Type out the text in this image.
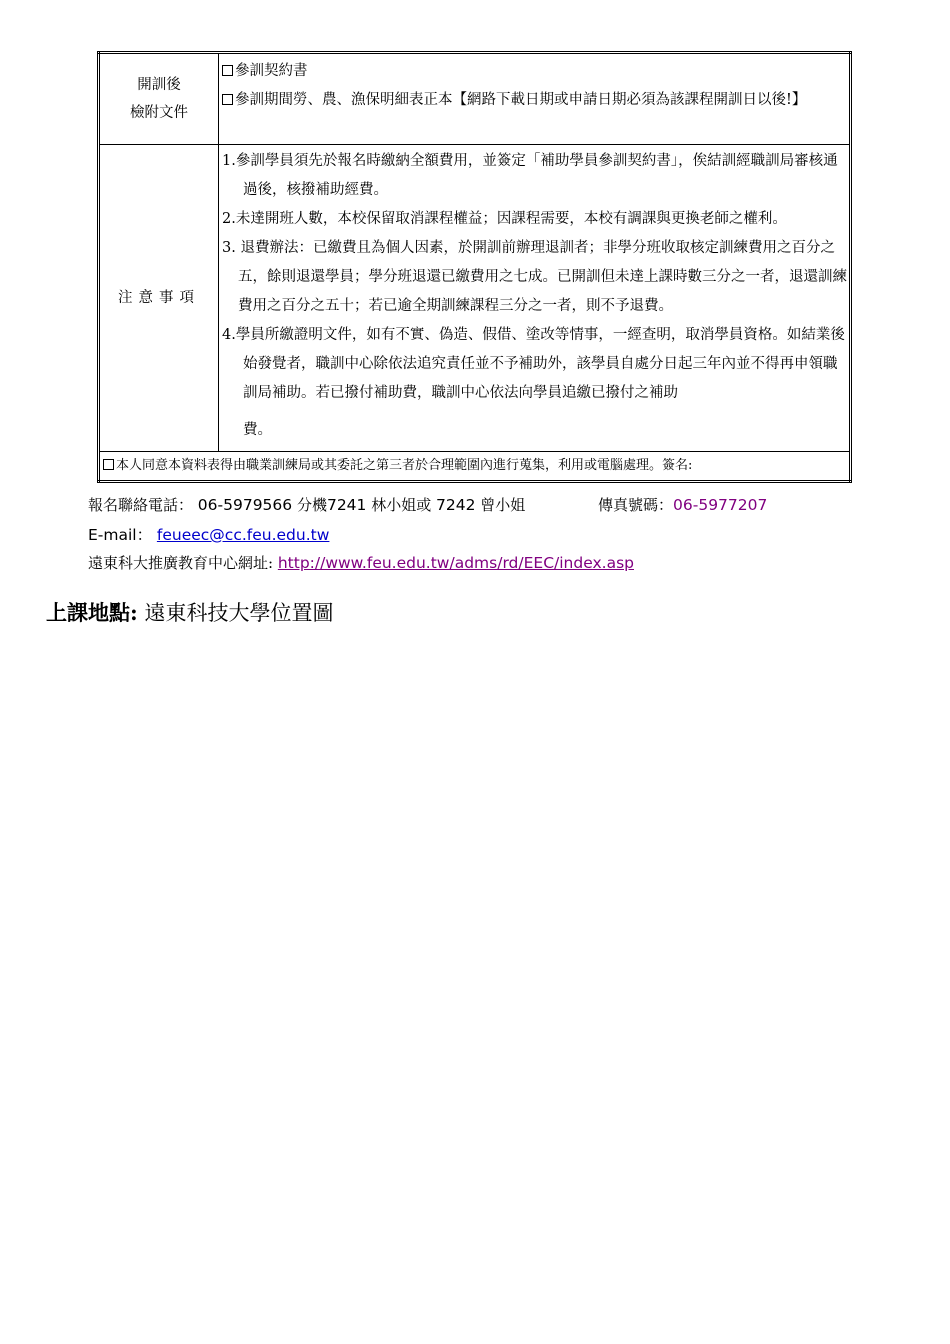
開訓後
檢附文件	參訓契約書
參訓期間勞、農、漁保明細表正本【網路下載日期或申請日期必須為該課程開訓日以後!】

注意事項	1.參訓學員須先於報名時繳納全額費用，並簽定「補助學員參訓契約書」，俟結訓經職訓局審核通過後，核撥補助經費。
2.未達開班人數，本校保留取消課程權益；因課程需要，本校有調課與更換老師之權利。
3. 退費辦法：已繳費且為個人因素，於開訓前辦理退訓者；非學分班收取核定訓練費用之百分之五，餘則退還學員；學分班退還已繳費用之七成。已開訓但未達上課時數三分之一者，退還訓練費用之百分之五十；若已逾全期訓練課程三分之一者，則不予退費。
4.學員所繳證明文件，如有不實、偽造、假借、塗改等情事，一經查明，取消學員資格。如結業後始發覺者，職訓中心除依法追究責任並不予補助外，該學員自處分日起三年內並不得再申領職訓局補助。若已撥付補助費，職訓中心依法向學員追繳已撥付之補助
費。

本人同意本資料表得由職業訓練局或其委託之第三者於合理範圍內進行蒐集，利用或電腦處理。簽名:	
報名聯絡電話： 06-5979566 分機7241 林小姐或 7242 曾小姐	傳真號碼：06-5977207
E-mail： feueec@cc.feu.edu.tw
遠東科大推廣教育中心網址: http://www.feu.edu.tw/adms/rd/EEC/index.asp
上課地點: 遠東科技大學位置圖
